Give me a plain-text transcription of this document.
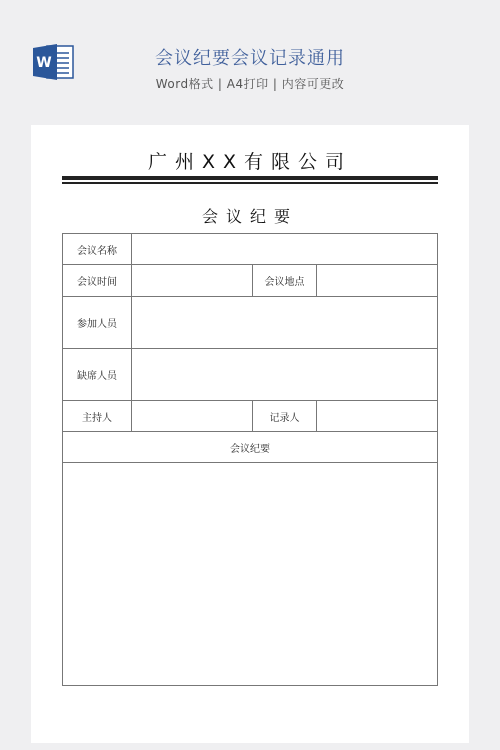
W	会议纪要会议记录通用
Word格式 | A4打印 | 内容可更改
广州XX有限公司
会议纪要
会议名称
会议时间	会议地点
参加人员
缺席人员
主持人	记录人
会议纪要
